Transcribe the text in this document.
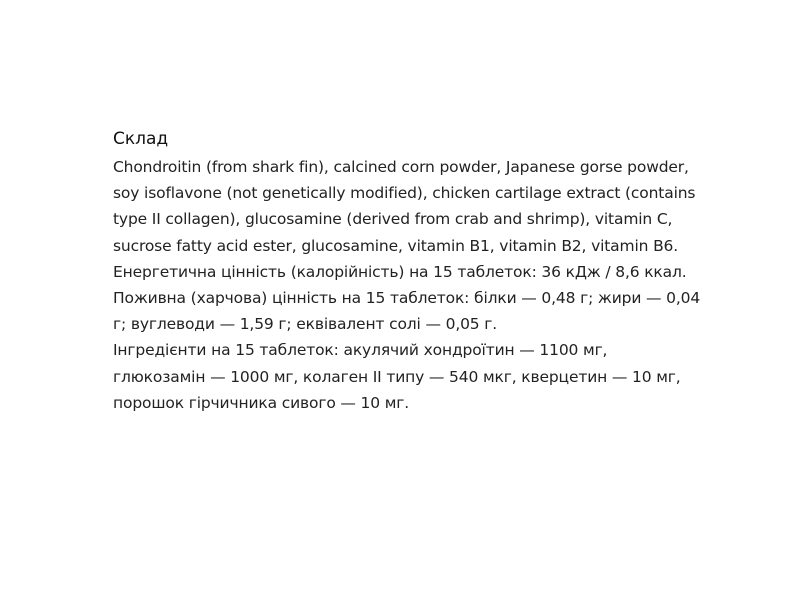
Склад

Chondroitin (from shark fin), calcined corn powder, Japanese gorse powder, soy isoflavone (not genetically modified), chicken cartilage extract (contains type II collagen), glucosamine (derived from crab and shrimp), vitamin C, sucrose fatty acid ester, glucosamine, vitamin B1, vitamin B2, vitamin B6.

Енергетична цінність (калорійність) на 15 таблеток: 36 кДж / 8,6 ккал.

Поживна (харчова) цінність на 15 таблеток: білки — 0,48 г; жири — 0,04 г; вуглеводи — 1,59 г; еквівалент солі — 0,05 г.

Інгредієнти на 15 таблеток: акулячий хондроїтин — 1100 мг, глюкозамін — 1000 мг, колаген II типу — 540 мкг, кверцетин — 10 мг, порошок гірчичника сивого — 10 мг.
